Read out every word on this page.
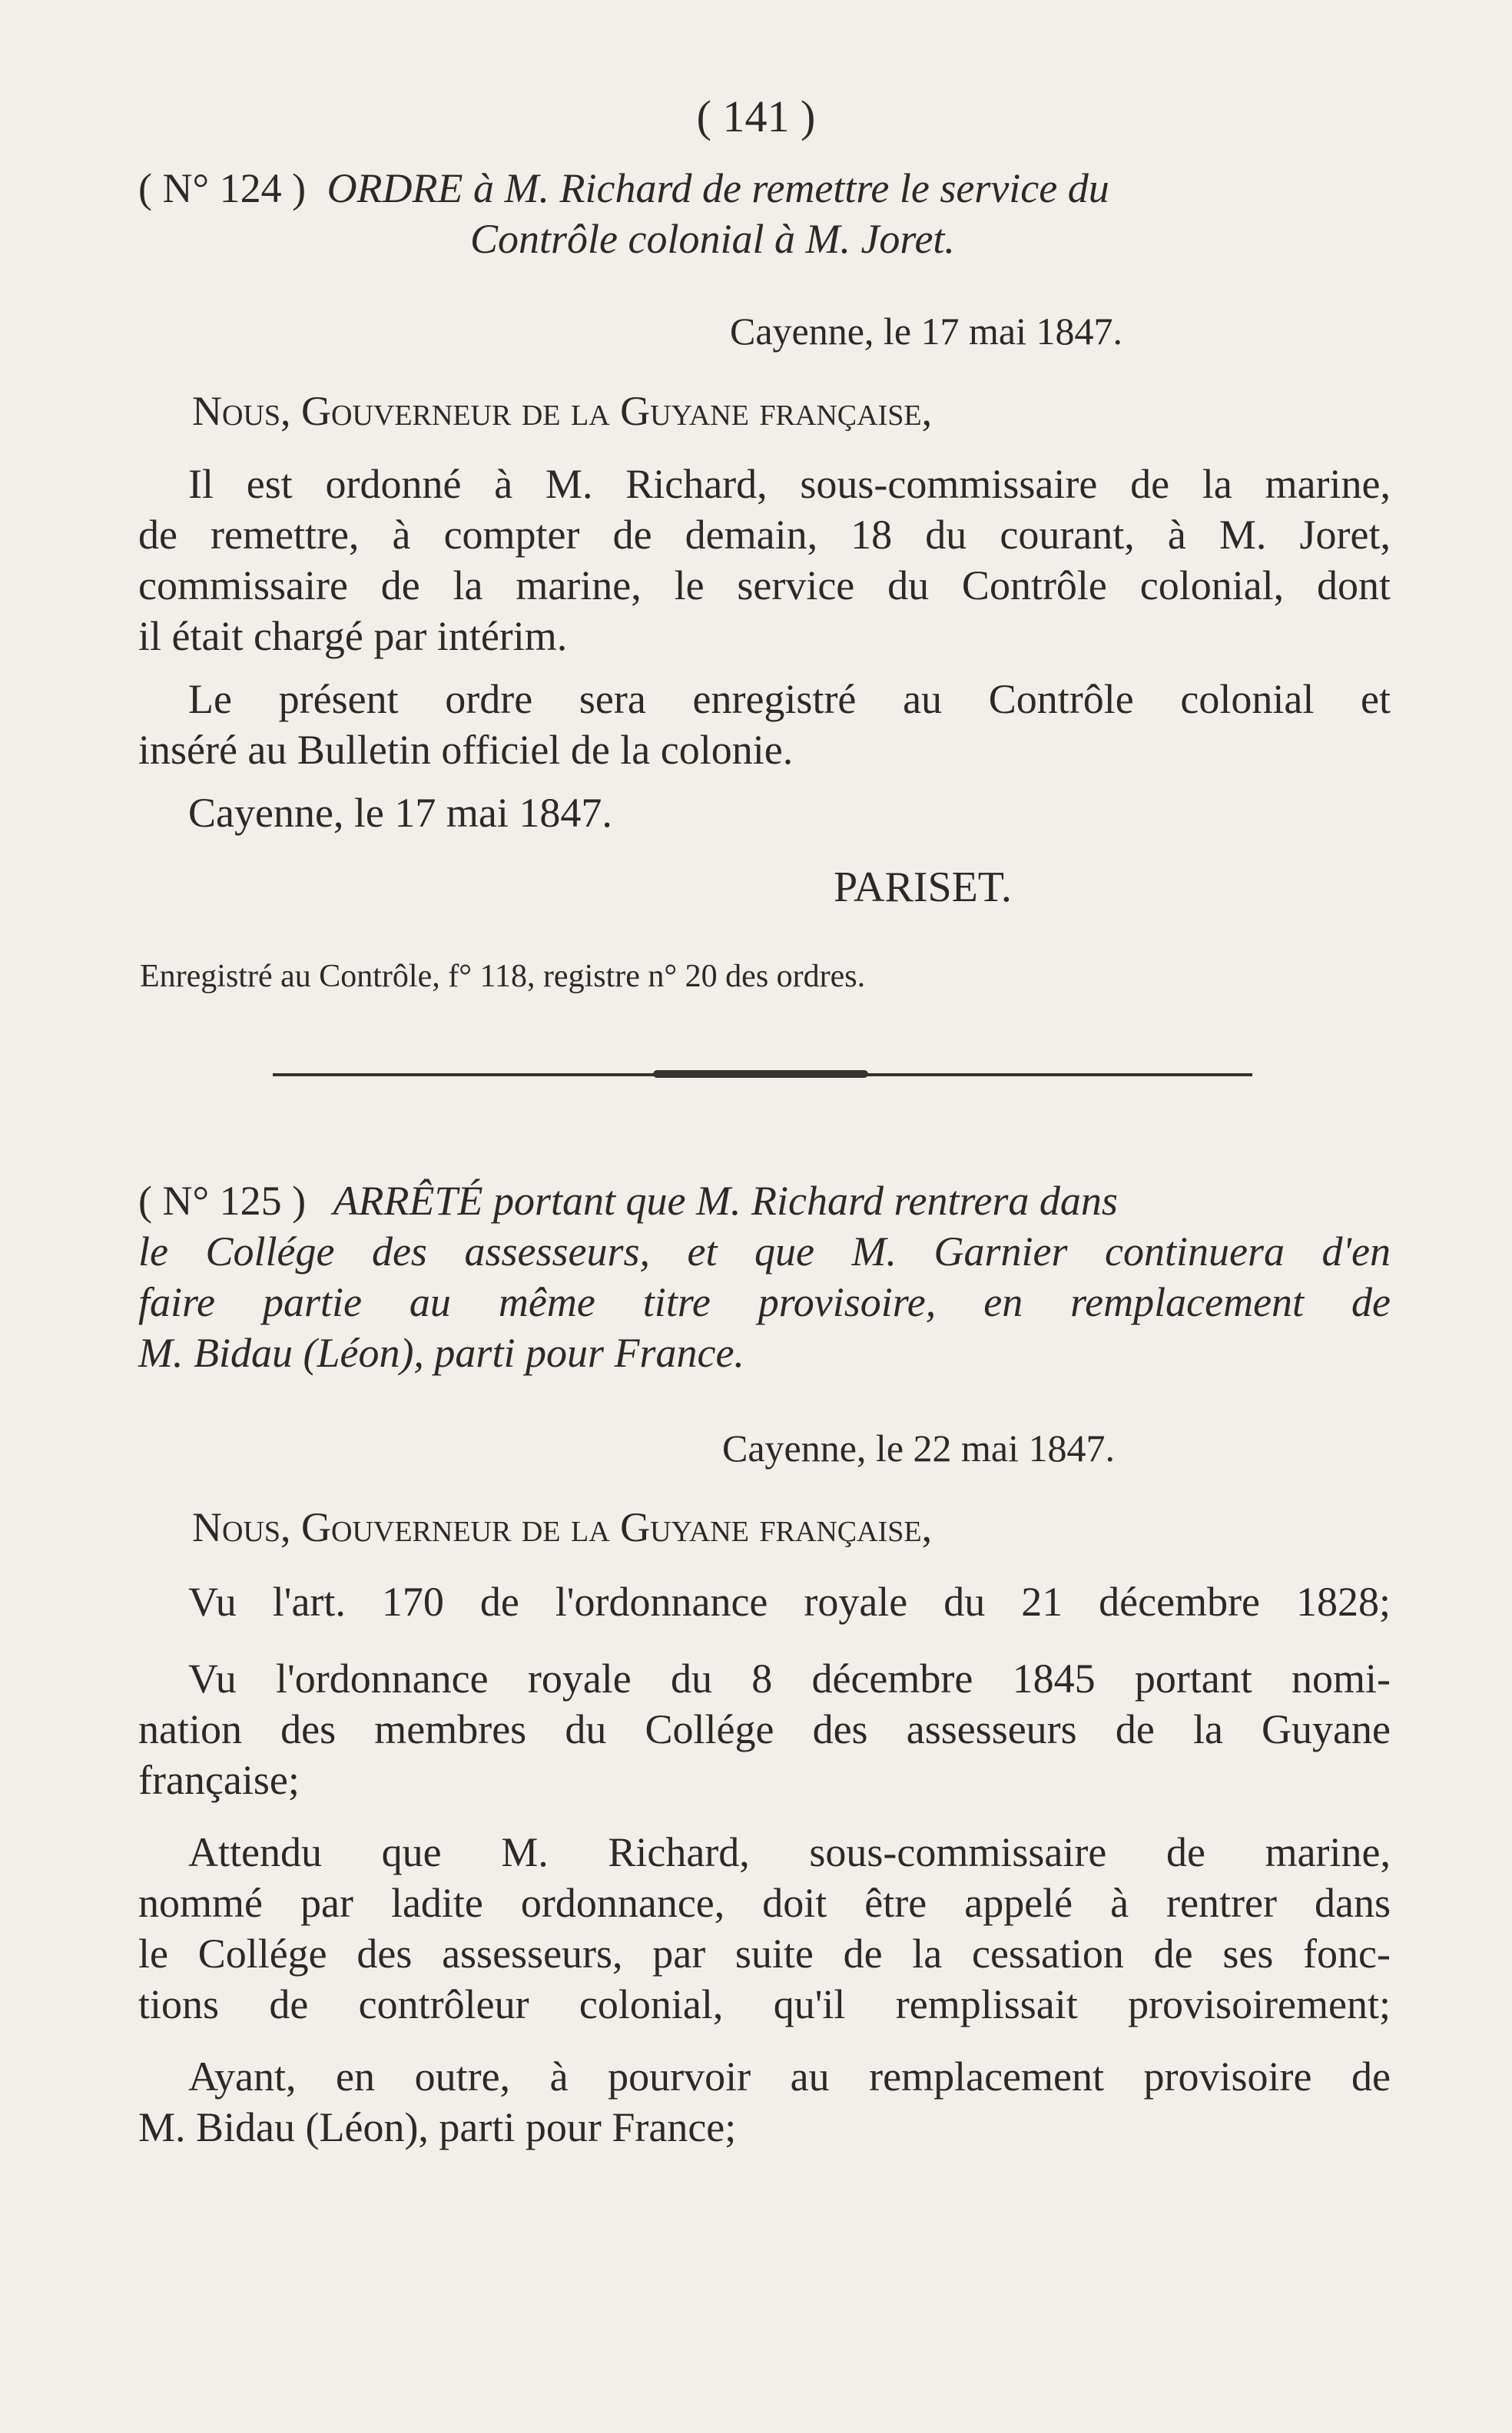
( 141 )
( N° 124 ) ORDRE à M. Richard de remettre le service du
Contrôle colonial à M. Joret.
Cayenne, le 17 mai 1847.
Nous, Gouverneur de la Guyane française,
Il est ordonné à M. Richard, sous-commissaire de la marine,
de remettre, à compter de demain, 18 du courant, à M. Joret,
commissaire de la marine, le service du Contrôle colonial, dont
il était chargé par intérim.
Le présent ordre sera enregistré au Contrôle colonial et
inséré au Bulletin officiel de la colonie.
Cayenne, le 17 mai 1847.
PARISET.
Enregistré au Contrôle, f° 118, registre n° 20 des ordres.
( N° 125 ) ARRÊTÉ portant que M. Richard rentrera dans
le Collége des assesseurs, et que M. Garnier continuera d'en
faire partie au même titre provisoire, en remplacement de
M. Bidau (Léon), parti pour France.
Cayenne, le 22 mai 1847.
Nous, Gouverneur de la Guyane française,
Vu l'art. 170 de l'ordonnance royale du 21 décembre 1828;
Vu l'ordonnance royale du 8 décembre 1845 portant nomi-
nation des membres du Collége des assesseurs de la Guyane
française;
Attendu que M. Richard, sous-commissaire de marine,
nommé par ladite ordonnance, doit être appelé à rentrer dans
le Collége des assesseurs, par suite de la cessation de ses fonc-
tions de contrôleur colonial, qu'il remplissait provisoirement;
Ayant, en outre, à pourvoir au remplacement provisoire de
M. Bidau (Léon), parti pour France;
